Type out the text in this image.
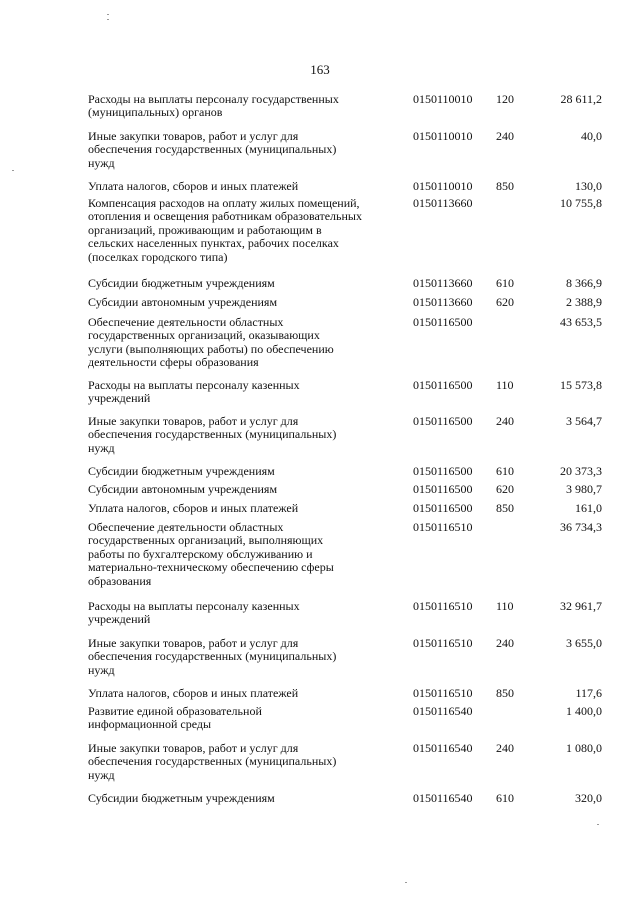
163
Расходы на выплаты персоналу государственных
(муниципальных) органов
0150110010 120	28 611,2
Иные закупки товаров, работ и услуг для
обеспечения государственных (муниципальных)
нужд
0150110010 240	40,0
Уплата налогов, сборов и иных платежей	0150110010 850	130,0
Компенсация расходов на оплату жилых помещений,
отопления и освещения работникам образовательных
организаций, проживающим и работающим в
сельских населенных пунктах, рабочих поселках
(поселках городского типа)
0150113660	10 755,8
Субсидии бюджетным учреждениям	0150113660 610	8 366,9
Субсидии автономным учреждениям	0150113660 620	2 388,9
Обеспечение деятельности областных
государственных организаций, оказывающих
услуги (выполняющих работы) по обеспечению
деятельности сферы образования
0150116500	43 653,5
Расходы на выплаты персоналу казенных
учреждений
0150116500 110	15 573,8
Иные закупки товаров, работ и услуг для
обеспечения государственных (муниципальных)
нужд
0150116500 240	3 564,7
Субсидии бюджетным учреждениям	0150116500 610	20 373,3
Субсидии автономным учреждениям	0150116500 620	3 980,7
Уплата налогов, сборов и иных платежей	0150116500 850	161,0
Обеспечение деятельности областных
государственных организаций, выполняющих
работы по бухгалтерскому обслуживанию и
материально-техническому обеспечению сферы
образования
0150116510	36 734,3
Расходы на выплаты персоналу казенных
учреждений
0150116510 110	32 961,7
Иные закупки товаров, работ и услуг для
обеспечения государственных (муниципальных)
нужд
0150116510 240	3 655,0
Уплата налогов, сборов и иных платежей	0150116510 850	117,6
Развитие единой образовательной
информационной среды
0150116540	1 400,0
Иные закупки товаров, работ и услуг для
обеспечения государственных (муниципальных)
нужд
0150116540 240	1 080,0
Субсидии бюджетным учреждениям	0150116540 610	320,0
